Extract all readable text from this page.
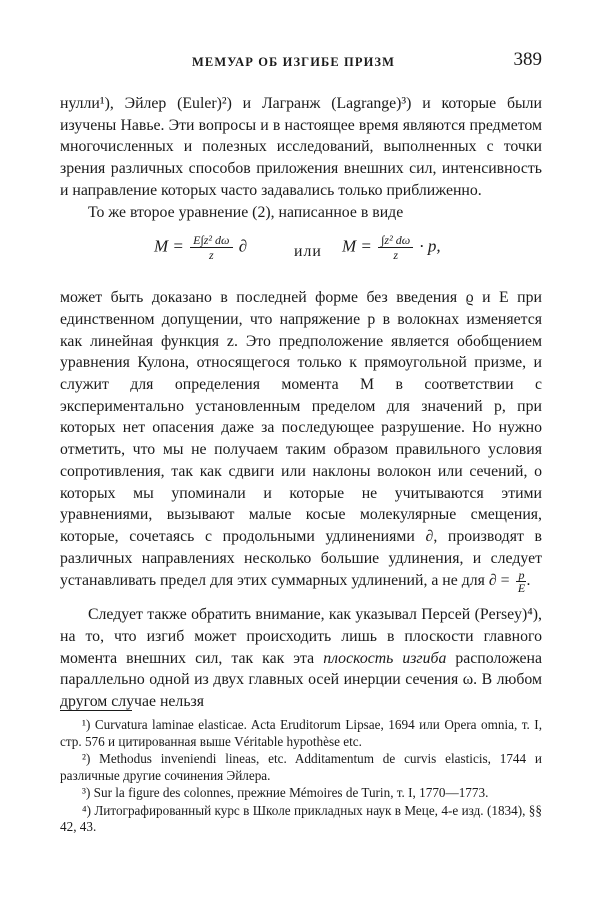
МЕМУАР ОБ ИЗГИБЕ ПРИЗМ	389

нулли¹), Эйлер (Euler)²) и Лагранж (Lagrange)³) и которые были изучены Навье. Эти вопросы и в настоящее время являются предметом многочисленных и полезных исследований, выполненных с точки зрения различных способов приложения внешних сил, интенсивность и направление которых часто задавались только приближенно.

То же второе уравнение (2), написанное в виде

$M = \frac{\text{E∫z² dω}}{z}$ ∂	или $M = \frac{\text{∫z² dω}}{z} \cdot p$,

может быть доказано в последней форме без введения ϱ и E при единственном допущении, что напряжение p в волокнах изменяется как линейная функция z. Это предположение является обобщением уравнения Кулона, относящегося только к прямоугольной призме, и служит для определения момента M в соответствии с экспериментально установленным пределом для значений p, при которых нет опасения даже за последующее разрушение. Но нужно отметить, что мы не получаем таким образом правильного условия сопротивления, так как сдвиги или наклоны волокон или сечений, о которых мы упоминали и которые не учитываются этими уравнениями, вызывают малые косые молекулярные смещения, которые, сочетаясь с продольными удлинениями ∂, производят в различных направлениях несколько большие удлинения, и следует устанавливать предел для этих суммарных удлинений, а не для ∂ = $\frac{p}{E}$ .

Следует также обратить внимание, как указывал Персей (Persey)⁴), на то, что изгиб может происходить лишь в плоскости главного момента внешних сил, так как эта плоскость изгиба расположена параллельно одной из двух главных осей инерции сечения ω. В любом другом случае нельзя

¹) Curvatura laminae elasticae. Acta Eruditorum Lipsae, 1694 или Opera omnia, т. I, стр. 576 и цитированная выше Véritable hypothèse etc.

²) Methodus inveniendi lineas, etc. Additamentum de curvis elasticis, 1744 и различные другие сочинения Эйлера.

³) Sur la figure des colonnes, прежние Mémoires de Turin, т. I, 1770—1773.

⁴) Литографированный курс в Школе прикладных наук в Меце, 4-е изд. (1834), §§ 42, 43.
